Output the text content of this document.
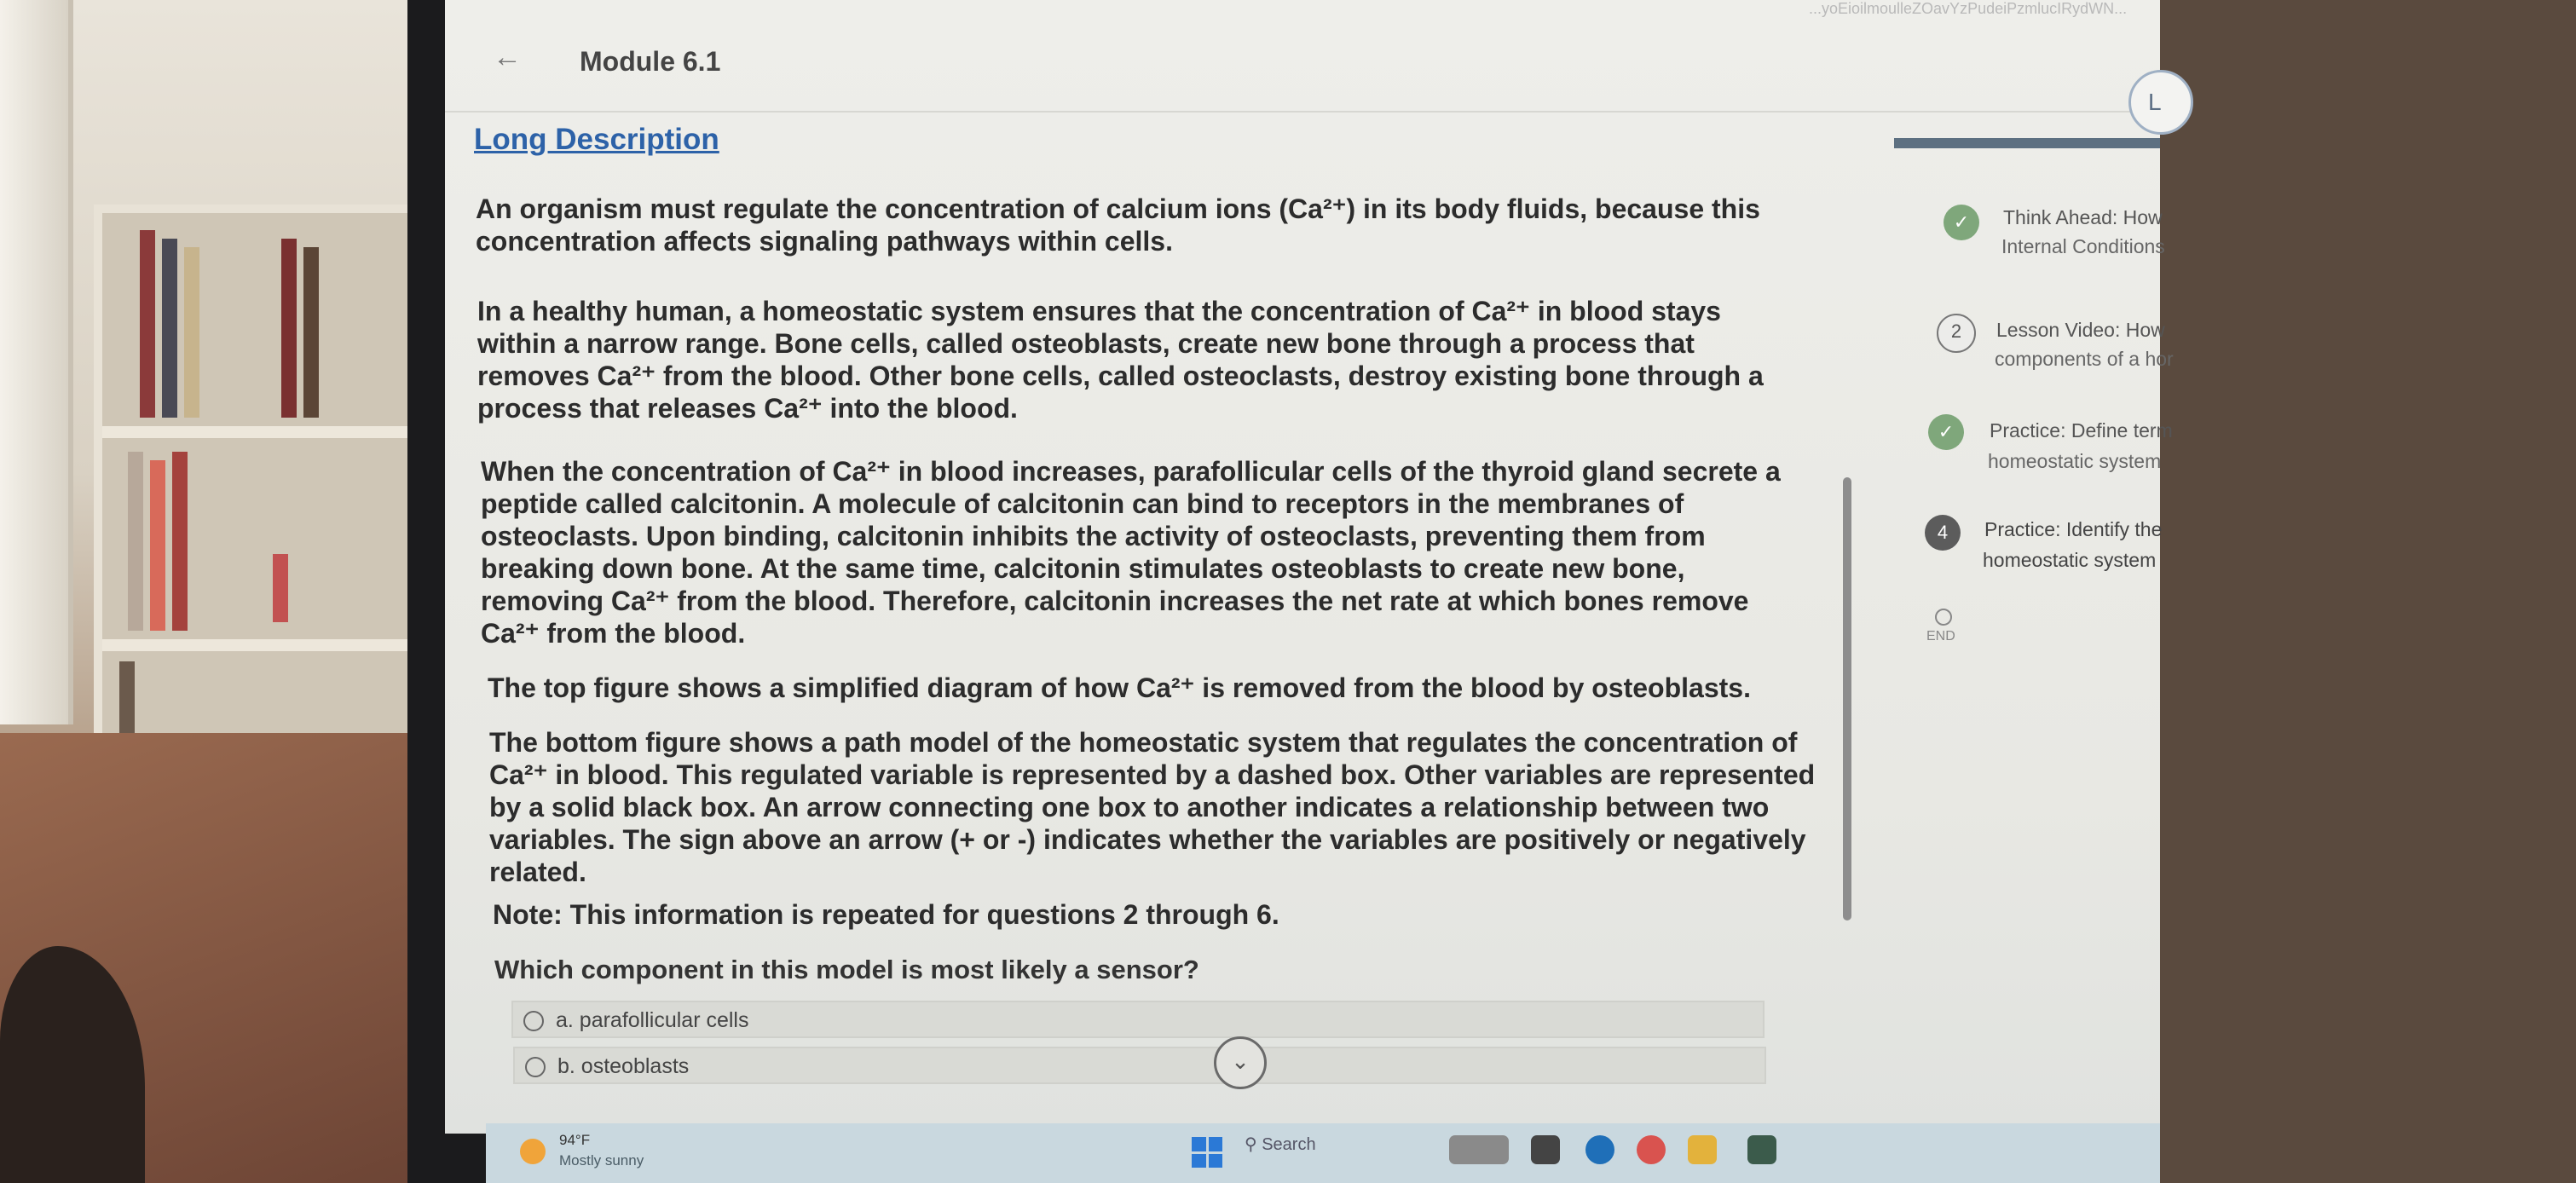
...yoEioilmoulleZOavYzPudeiPzmlucIRydWN...
← Module 6.1
L
Long Description
An organism must regulate the concentration of calcium ions (Ca²⁺) in its body fluids, because this concentration affects signaling pathways within cells.
In a healthy human, a homeostatic system ensures that the concentration of Ca²⁺ in blood stays within a narrow range. Bone cells, called osteoblasts, create new bone through a process that removes Ca²⁺ from the blood. Other bone cells, called osteoclasts, destroy existing bone through a process that releases Ca²⁺ into the blood.
When the concentration of Ca²⁺ in blood increases, parafollicular cells of the thyroid gland secrete a peptide called calcitonin. A molecule of calcitonin can bind to receptors in the membranes of osteoclasts. Upon binding, calcitonin inhibits the activity of osteoclasts, preventing them from breaking down bone. At the same time, calcitonin stimulates osteoblasts to create new bone, removing Ca²⁺ from the blood. Therefore, calcitonin increases the net rate at which bones remove Ca²⁺ from the blood.
The top figure shows a simplified diagram of how Ca²⁺ is removed from the blood by osteoblasts.
The bottom figure shows a path model of the homeostatic system that regulates the concentration of Ca²⁺ in blood. This regulated variable is represented by a dashed box. Other variables are represented by a solid black box. An arrow connecting one box to another indicates a relationship between two variables. The sign above an arrow (+ or -) indicates whether the variables are positively or negatively related.
Note: This information is repeated for questions 2 through 6.
Which component in this model is most likely a sensor?
a. parafollicular cells
b. osteoblasts	⌄
✓	Think Ahead: How
Internal Conditions
2	Lesson Video: How
components of a hor
✓	Practice: Define term
homeostatic system
4	Practice: Identify the
homeostatic system
END
94°F
Mostly sunny
⚲ Search
